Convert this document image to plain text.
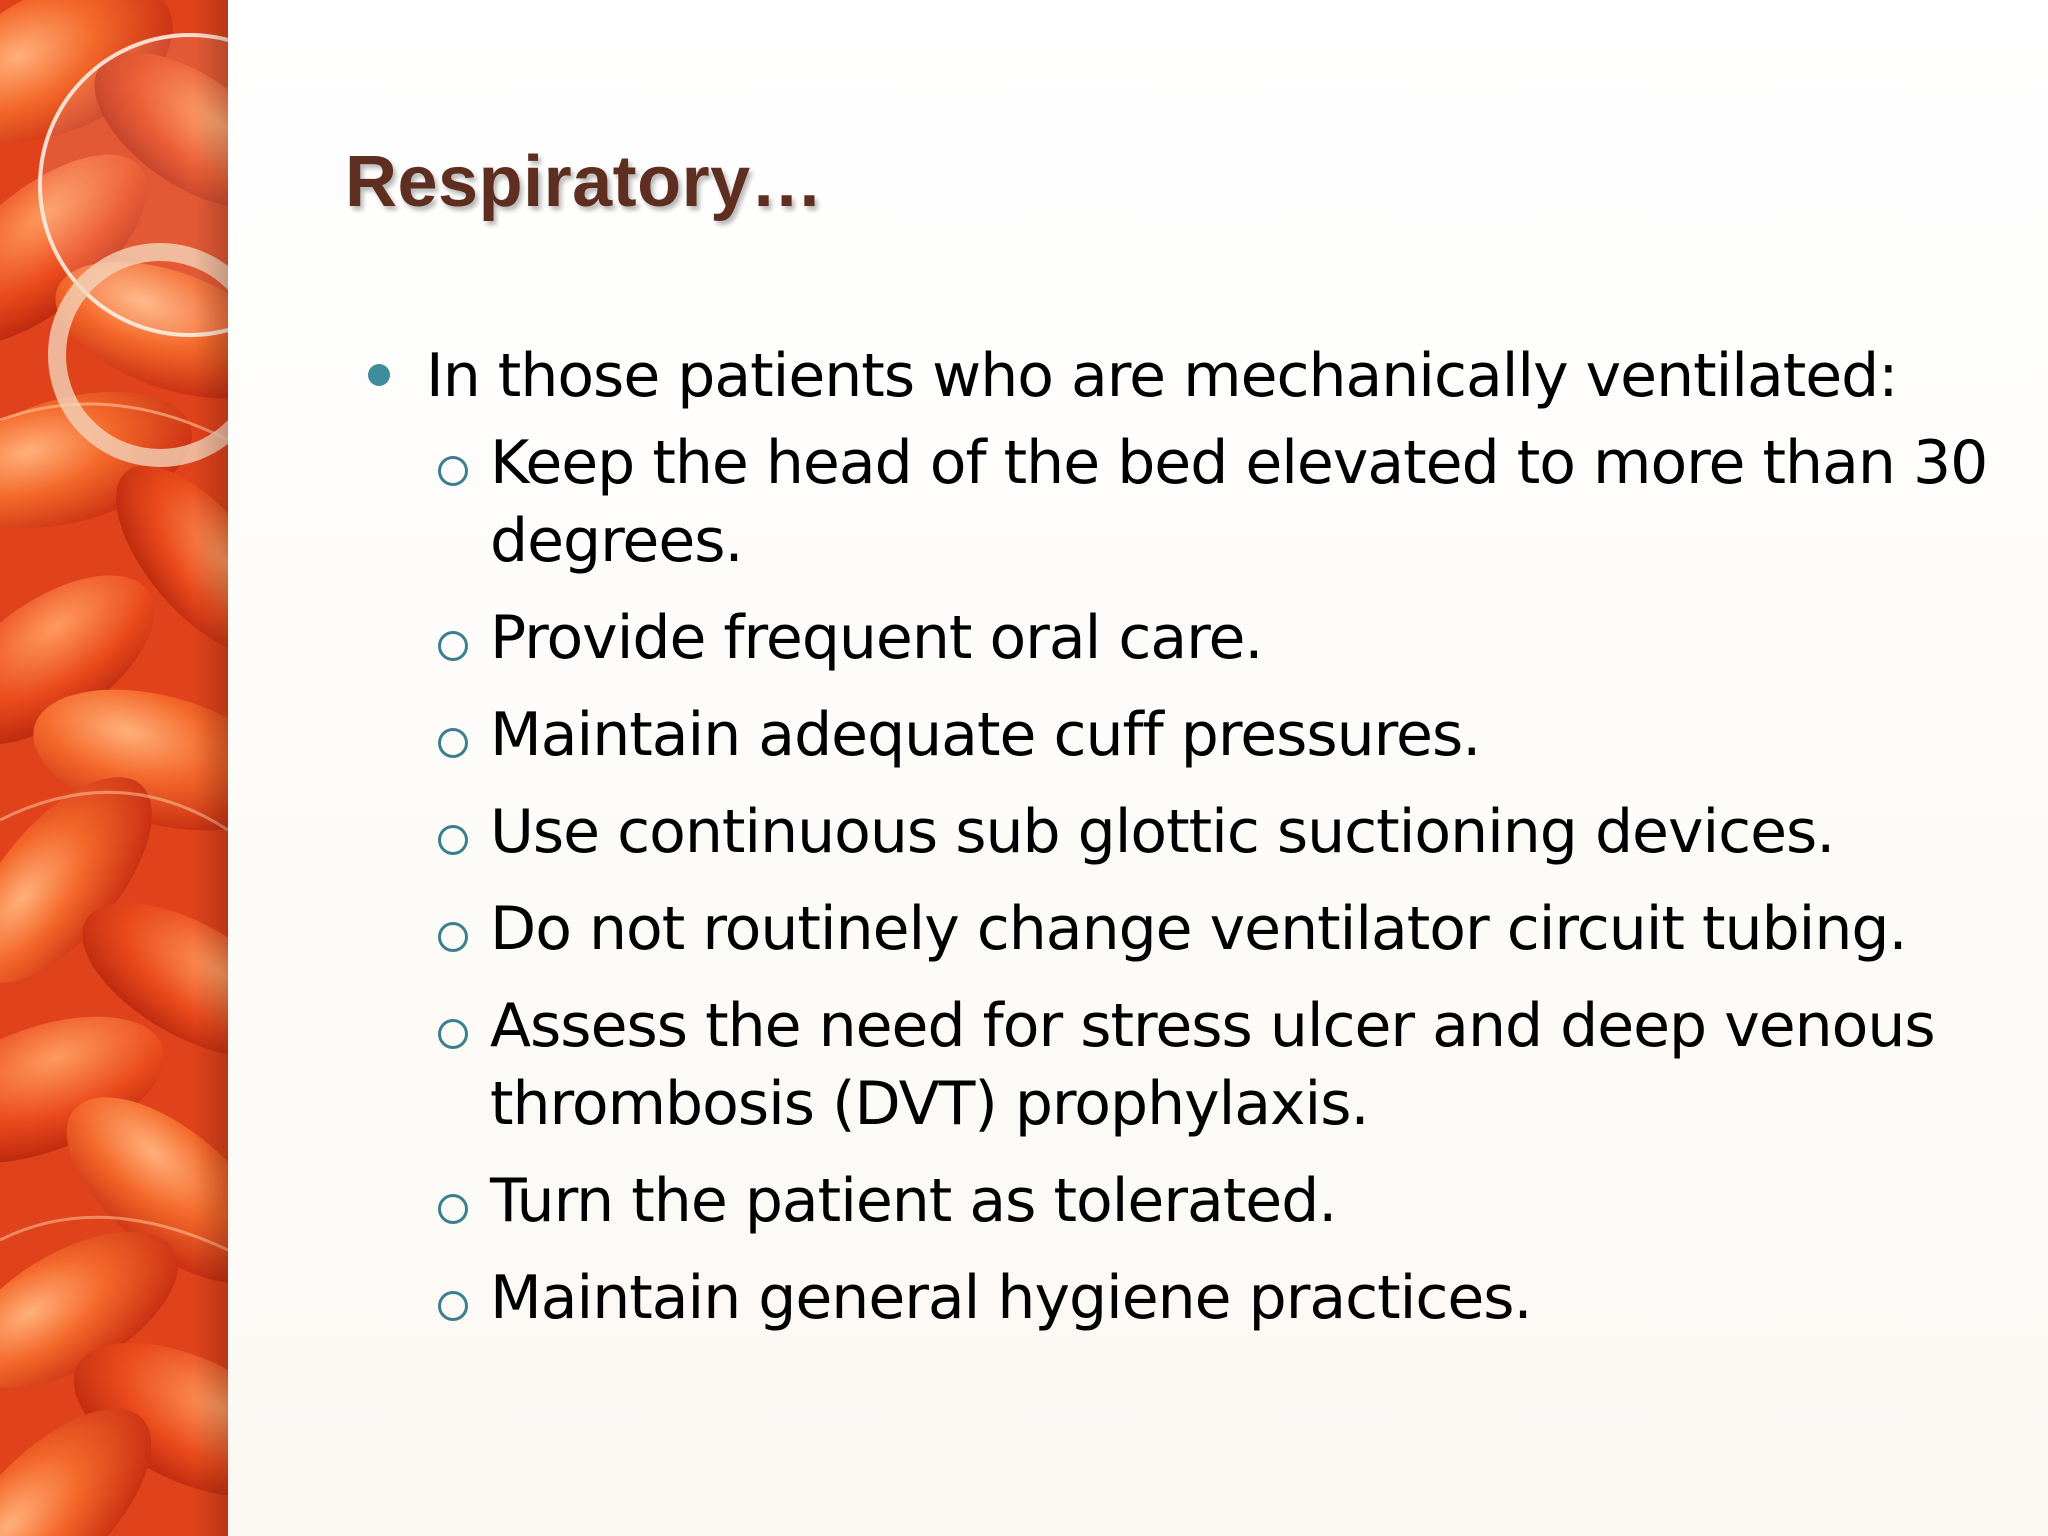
Respiratory…
In those patients who are mechanically ventilated:
Keep the head of the bed elevated to more than 30 degrees.
Provide frequent oral care.
Maintain adequate cuff pressures.
Use continuous sub glottic suctioning devices.
Do not routinely change ventilator circuit tubing.
Assess the need for stress ulcer and deep venous thrombosis (DVT) prophylaxis.
Turn the patient as tolerated.
Maintain general hygiene practices.
